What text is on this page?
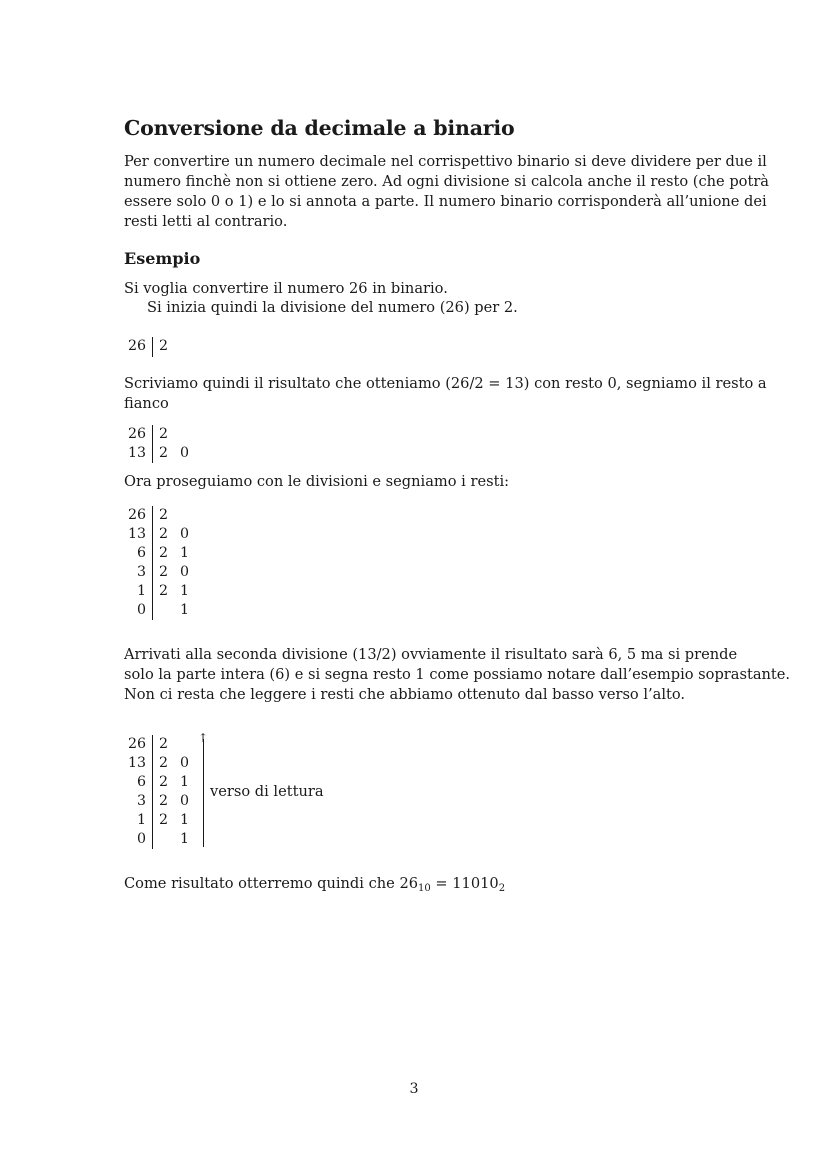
Conversione da decimale a binario
Per convertire un numero decimale nel corrispettivo binario si deve dividere per due il
numero finchè non si ottiene zero. Ad ogni divisione si calcola anche il resto (che potrà
essere solo 0 o 1) e lo si annota a parte. Il numero binario corrisponderà all’unione dei
resti letti al contrario.
Esempio
Si voglia convertire il numero 26 in binario.
Si inizia quindi la divisione del numero (26) per 2.
26 2
Scriviamo quindi il risultato che otteniamo (26/2 = 13) con resto 0, segniamo il resto a
fianco
26 2
13 2 0
Ora proseguiamo con le divisioni e segniamo i resti:
26 2
13 2 0
6 2 1
3 2 0
1 2 1
0 1
Arrivati alla seconda divisione (13/2) ovviamente il risultato sarà 6, 5 ma si prende
solo la parte intera (6) e si segna resto 1 come possiamo notare dall’esempio soprastante.
Non ci resta che leggere i resti che abbiamo ottenuto dal basso verso l’alto.
26 2
13 2 0
6 2 1
3 2 0
1 2 1
0 1
↑
verso di lettura
Come risultato otterremo quindi che $26_{10} = 11010_2$
3
